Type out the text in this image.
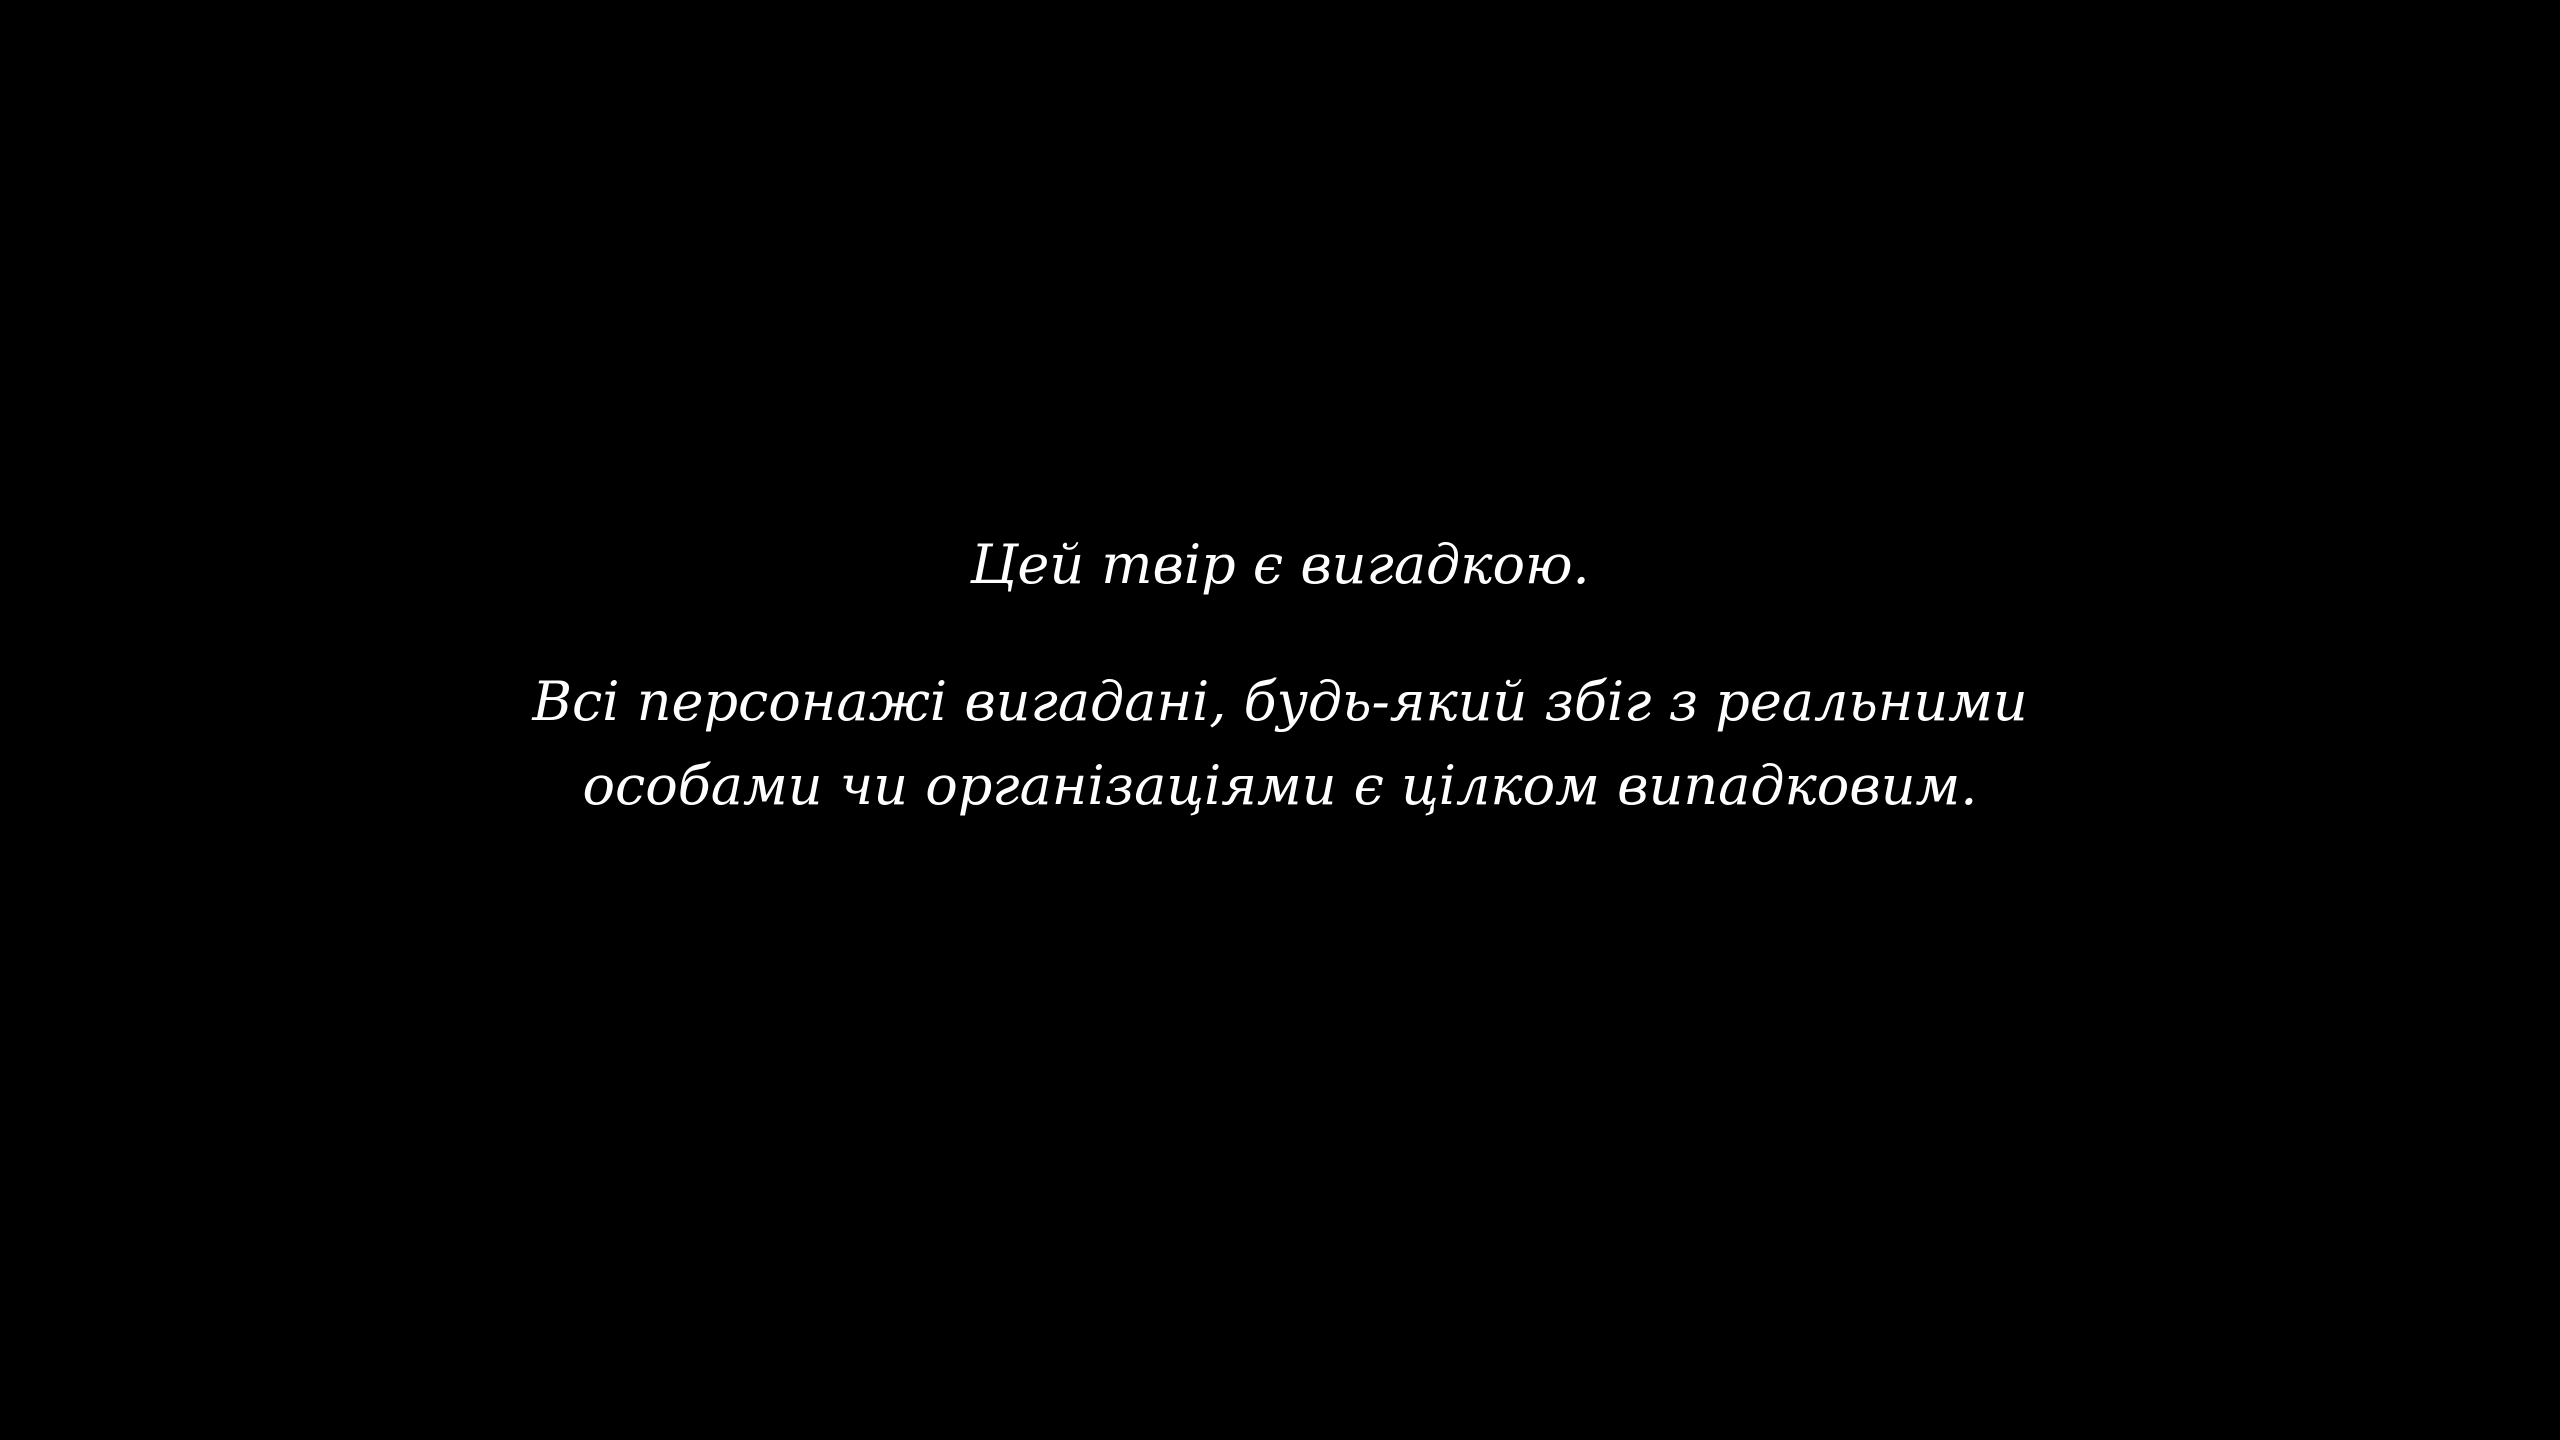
Цей твір є вигадкою.
Всі персонажі вигадані, будь-який збіг з реальними
особами чи організаціями є цілком випадковим.
